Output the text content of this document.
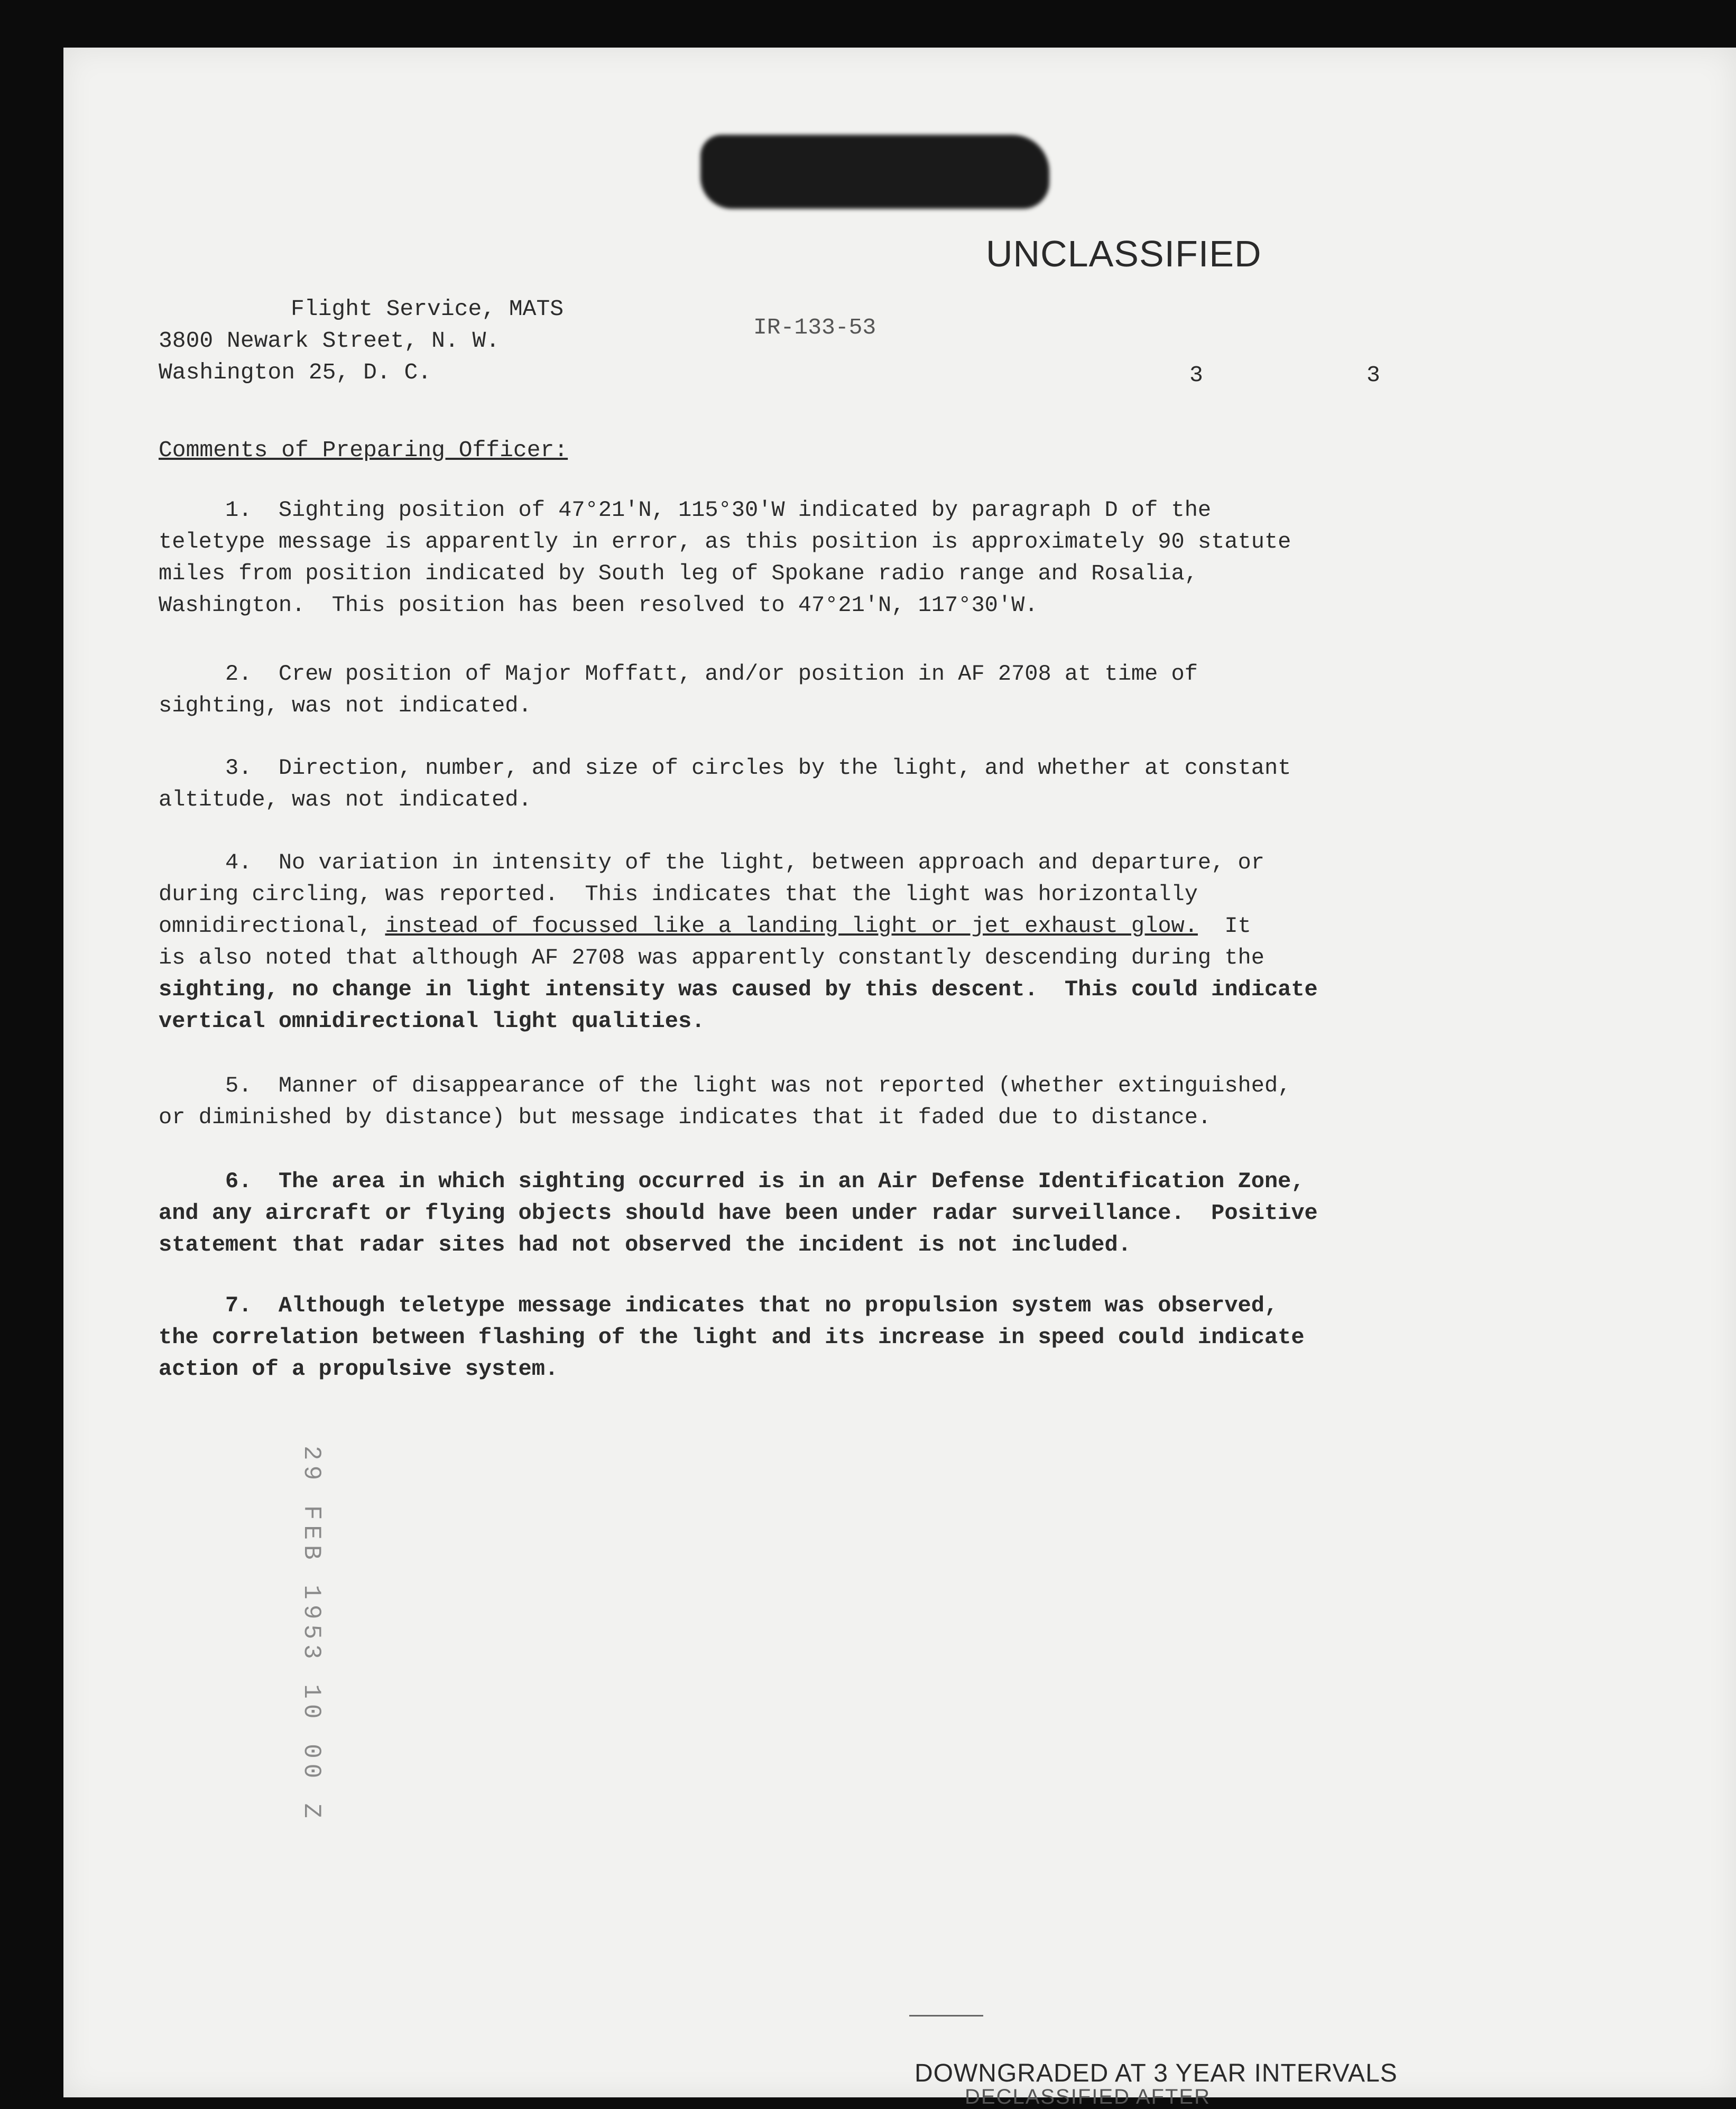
UNCLASSIFIED
Flight Service, MATS
3800 Newark Street, N. W.
Washington 25, D. C.
IR-133-53
3	3
Comments of Preparing Officer:
1.  Sighting position of 47°21'N, 115°30'W indicated by paragraph D of the
teletype message is apparently in error, as this position is approximately 90 statute
miles from position indicated by South leg of Spokane radio range and Rosalia,
Washington.  This position has been resolved to 47°21'N, 117°30'W.
2.  Crew position of Major Moffatt, and/or position in AF 2708 at time of
sighting, was not indicated.
3.  Direction, number, and size of circles by the light, and whether at constant
altitude, was not indicated.
4.  No variation in intensity of the light, between approach and departure, or
during circling, was reported.  This indicates that the light was horizontally
omnidirectional, instead of focussed like a landing light or jet exhaust glow.  It
is also noted that although AF 2708 was apparently constantly descending during the
sighting, no change in light intensity was caused by this descent.  This could indicate
vertical omnidirectional light qualities.
5.  Manner of disappearance of the light was not reported (whether extinguished,
or diminished by distance) but message indicates that it faded due to distance.
6.  The area in which sighting occurred is in an Air Defense Identification Zone,
and any aircraft or flying objects should have been under radar surveillance.  Positive
statement that radar sites had not observed the incident is not included.
7.  Although teletype message indicates that no propulsion system was observed,
the correlation between flashing of the light and its increase in speed could indicate
action of a propulsive system.
29 FEB 1953 10 00 Z
DOWNGRADED AT 3 YEAR INTERVALS
DECLASSIFIED AFTER
